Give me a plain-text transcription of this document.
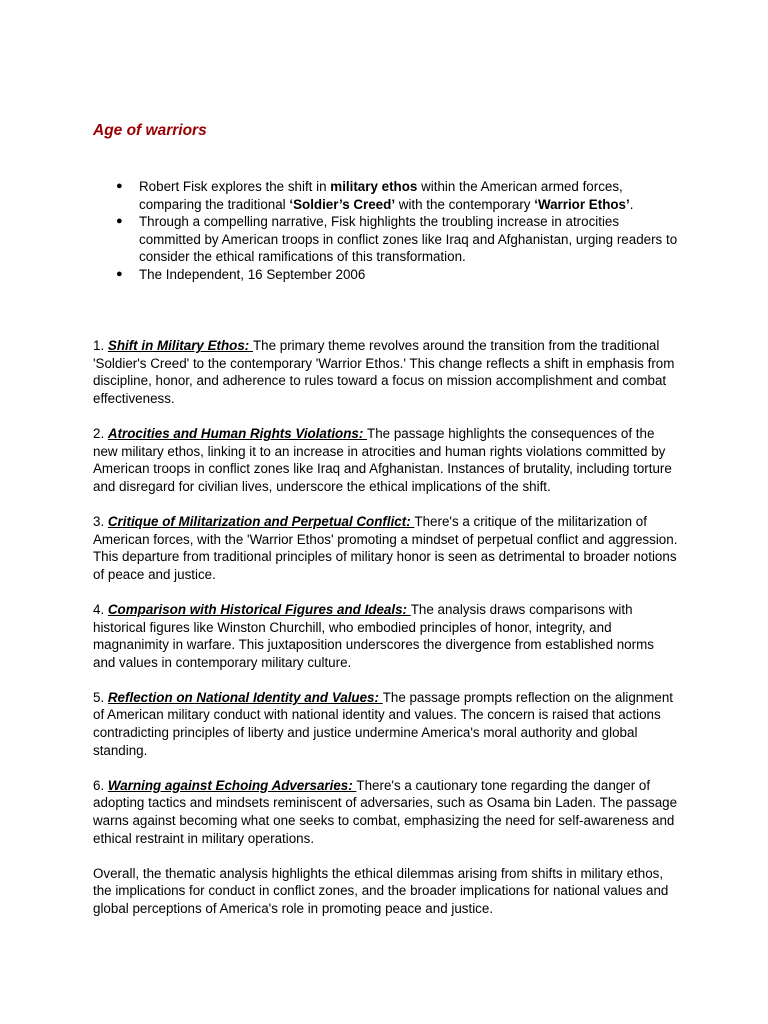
Age of warriors
● Robert Fisk explores the shift in military ethos within the American armed forces, comparing the traditional ‘Soldier’s Creed’ with the contemporary ‘Warrior Ethos’.
● Through a compelling narrative, Fisk highlights the troubling increase in atrocities committed by American troops in conflict zones like Iraq and Afghanistan, urging readers to consider the ethical ramifications of this transformation.
● The Independent, 16 September 2006

1. Shift in Military Ethos: The primary theme revolves around the transition from the traditional 'Soldier's Creed' to the contemporary 'Warrior Ethos.' This change reflects a shift in emphasis from discipline, honor, and adherence to rules toward a focus on mission accomplishment and combat effectiveness.

2. Atrocities and Human Rights Violations: The passage highlights the consequences of the new military ethos, linking it to an increase in atrocities and human rights violations committed by American troops in conflict zones like Iraq and Afghanistan. Instances of brutality, including torture and disregard for civilian lives, underscore the ethical implications of the shift.

3. Critique of Militarization and Perpetual Conflict: There's a critique of the militarization of American forces, with the 'Warrior Ethos' promoting a mindset of perpetual conflict and aggression. This departure from traditional principles of military honor is seen as detrimental to broader notions of peace and justice.

4. Comparison with Historical Figures and Ideals: The analysis draws comparisons with historical figures like Winston Churchill, who embodied principles of honor, integrity, and magnanimity in warfare. This juxtaposition underscores the divergence from established norms and values in contemporary military culture.

5. Reflection on National Identity and Values: The passage prompts reflection on the alignment of American military conduct with national identity and values. The concern is raised that actions contradicting principles of liberty and justice undermine America's moral authority and global standing.

6. Warning against Echoing Adversaries: There's a cautionary tone regarding the danger of adopting tactics and mindsets reminiscent of adversaries, such as Osama bin Laden. The passage warns against becoming what one seeks to combat, emphasizing the need for self-awareness and ethical restraint in military operations.

Overall, the thematic analysis highlights the ethical dilemmas arising from shifts in military ethos, the implications for conduct in conflict zones, and the broader implications for national values and global perceptions of America's role in promoting peace and justice.
